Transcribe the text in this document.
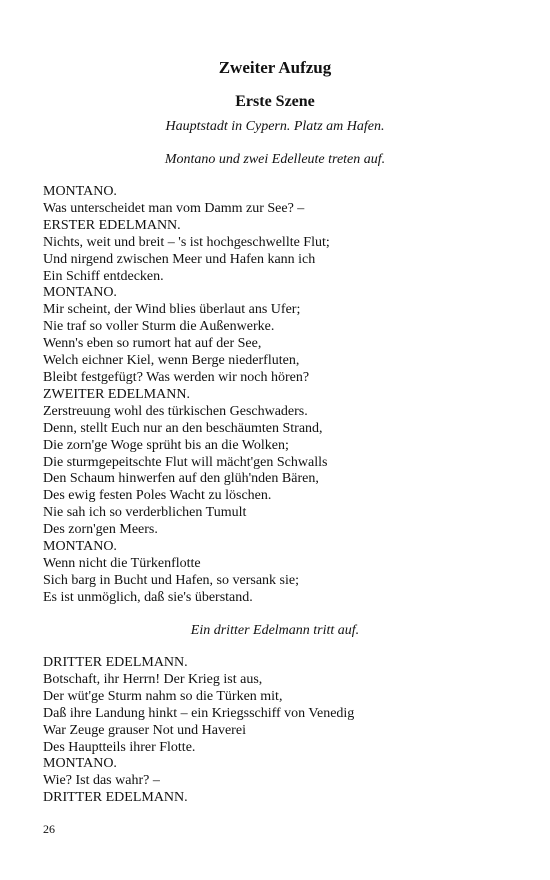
Zweiter Aufzug
Erste Szene
Hauptstadt in Cypern. Platz am Hafen.
Montano und zwei Edelleute treten auf.
MONTANO.
Was unterscheidet man vom Damm zur See? –
ERSTER EDELMANN.
Nichts, weit und breit – 's ist hochgeschwellte Flut;
Und nirgend zwischen Meer und Hafen kann ich
Ein Schiff entdecken.
MONTANO.
Mir scheint, der Wind blies überlaut ans Ufer;
Nie traf so voller Sturm die Außenwerke.
Wenn's eben so rumort hat auf der See,
Welch eichner Kiel, wenn Berge niederfluten,
Bleibt festgefügt? Was werden wir noch hören?
ZWEITER EDELMANN.
Zerstreuung wohl des türkischen Geschwaders.
Denn, stellt Euch nur an den beschäumten Strand,
Die zorn'ge Woge sprüht bis an die Wolken;
Die sturmgepeitschte Flut will mächt'gen Schwalls
Den Schaum hinwerfen auf den glüh'nden Bären,
Des ewig festen Poles Wacht zu löschen.
Nie sah ich so verderblichen Tumult
Des zorn'gen Meers.
MONTANO.
Wenn nicht die Türkenflotte
Sich barg in Bucht und Hafen, so versank sie;
Es ist unmöglich, daß sie's überstand.
Ein dritter Edelmann tritt auf.
DRITTER EDELMANN.
Botschaft, ihr Herrn! Der Krieg ist aus,
Der wüt'ge Sturm nahm so die Türken mit,
Daß ihre Landung hinkt – ein Kriegsschiff von Venedig
War Zeuge grauser Not und Haverei
Des Hauptteils ihrer Flotte.
MONTANO.
Wie? Ist das wahr? –
DRITTER EDELMANN.
26
